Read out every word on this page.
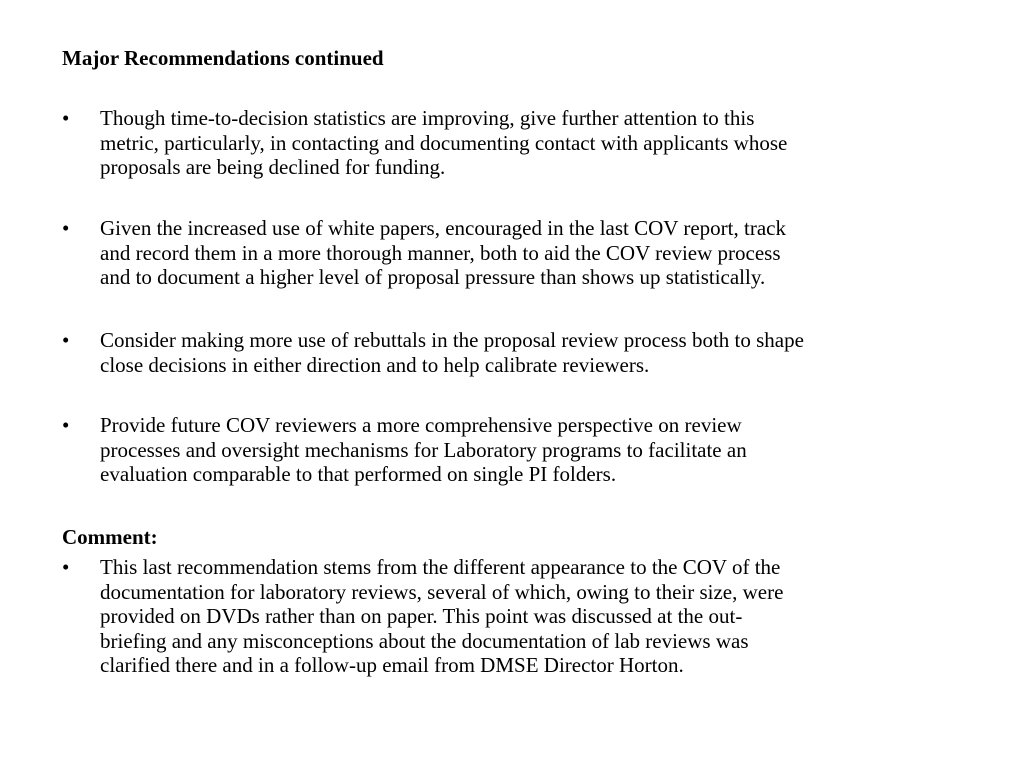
Major Recommendations continued
•	Though time-to-decision statistics are improving, give further attention to this
metric, particularly, in contacting and documenting contact with applicants whose
proposals are being declined for funding.
•	Given the increased use of white papers, encouraged in the last COV report, track
and record them in a more thorough manner, both to aid the COV review process
and to document a higher level of proposal pressure than shows up statistically.
•	Consider making more use of rebuttals in the proposal review process both to shape
close decisions in either direction and to help calibrate reviewers.
•	Provide future COV reviewers a more comprehensive perspective on review
processes and oversight mechanisms for Laboratory programs to facilitate an
evaluation comparable to that performed on single PI folders.
Comment:
•	This last recommendation stems from the different appearance to the COV of the
documentation for laboratory reviews, several of which, owing to their size, were
provided on DVDs rather than on paper. This point was discussed at the out-
briefing and any misconceptions about the documentation of lab reviews was
clarified there and in a follow-up email from DMSE Director Horton.
